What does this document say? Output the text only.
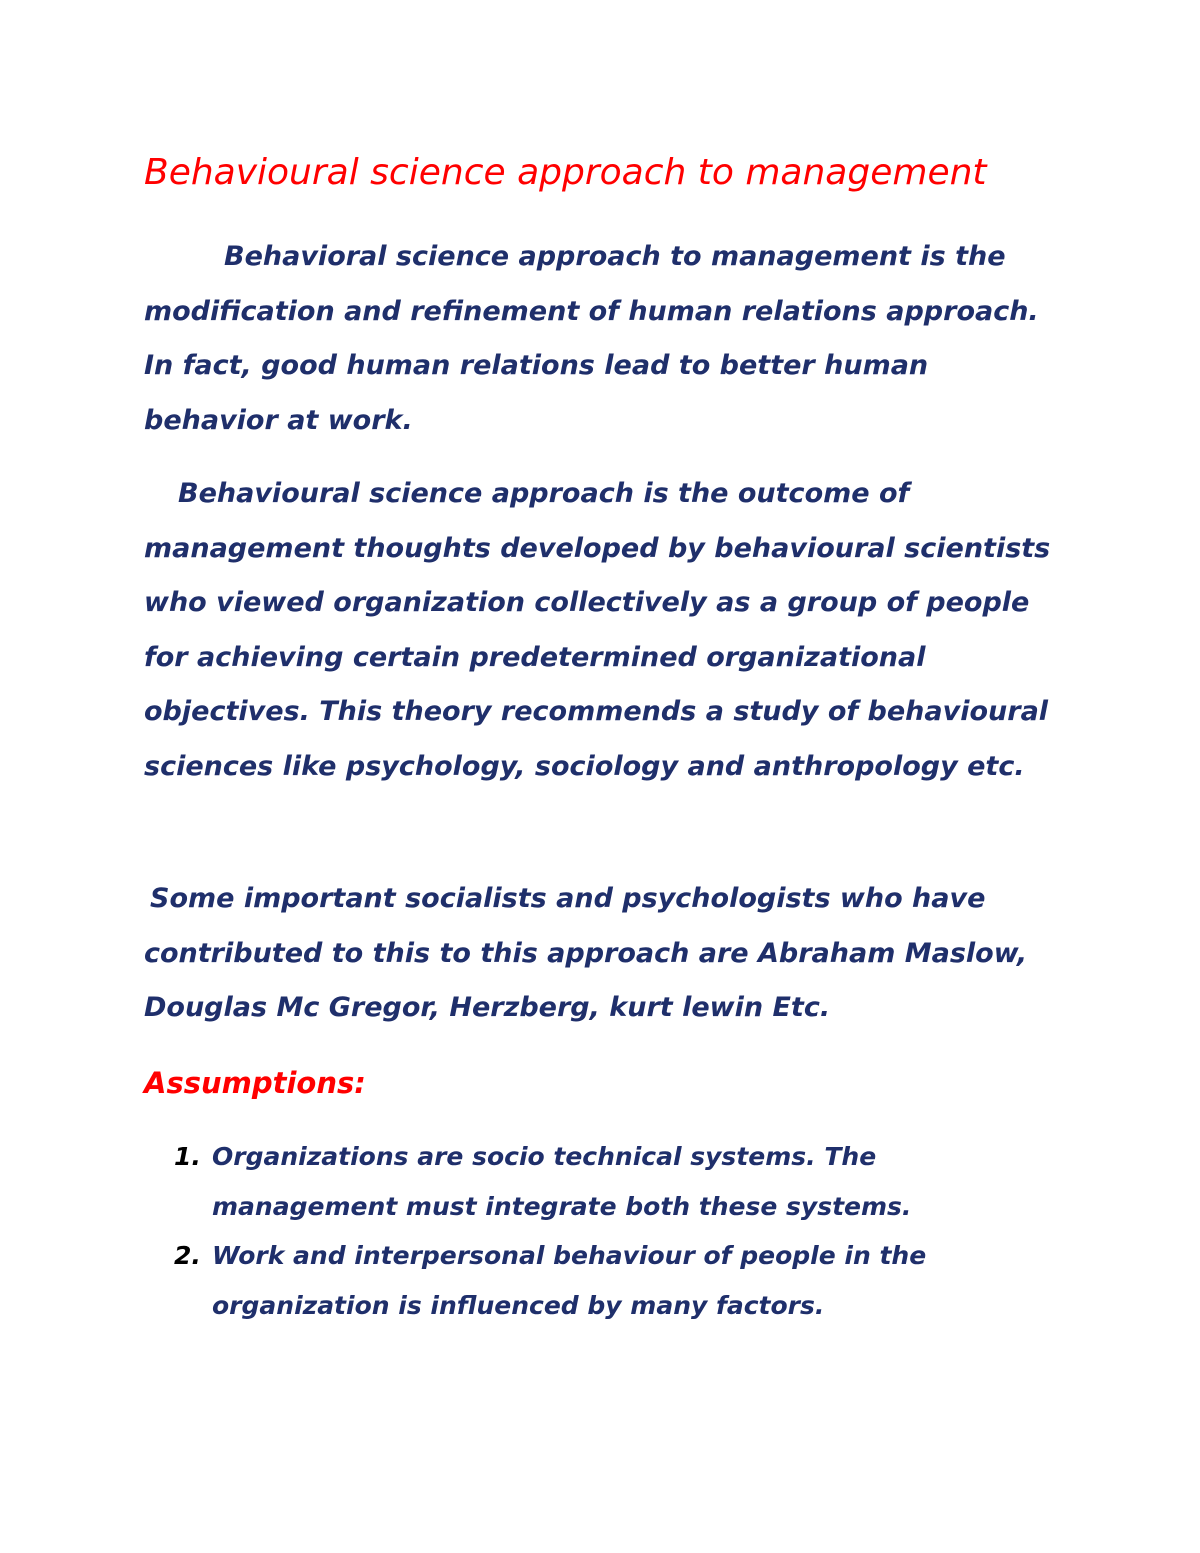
Behavioural science approach to management

Behavioral science approach to management is the modification and refinement of human relations approach. In fact, good human relations lead to better human behavior at work.

Behavioural science approach is the outcome of management thoughts developed by behavioural scientists who viewed organization collectively as a group of people for achieving certain predetermined organizational objectives. This theory recommends a study of behavioural sciences like psychology, sociology and anthropology etc.

Some important socialists and psychologists who have contributed to this to this approach are Abraham Maslow, Douglas Mc Gregor, Herzberg, kurt lewin Etc.

Assumptions:
1. Organizations are socio technical systems. The management must integrate both these systems.
2. Work and interpersonal behaviour of people in the organization is influenced by many factors.
